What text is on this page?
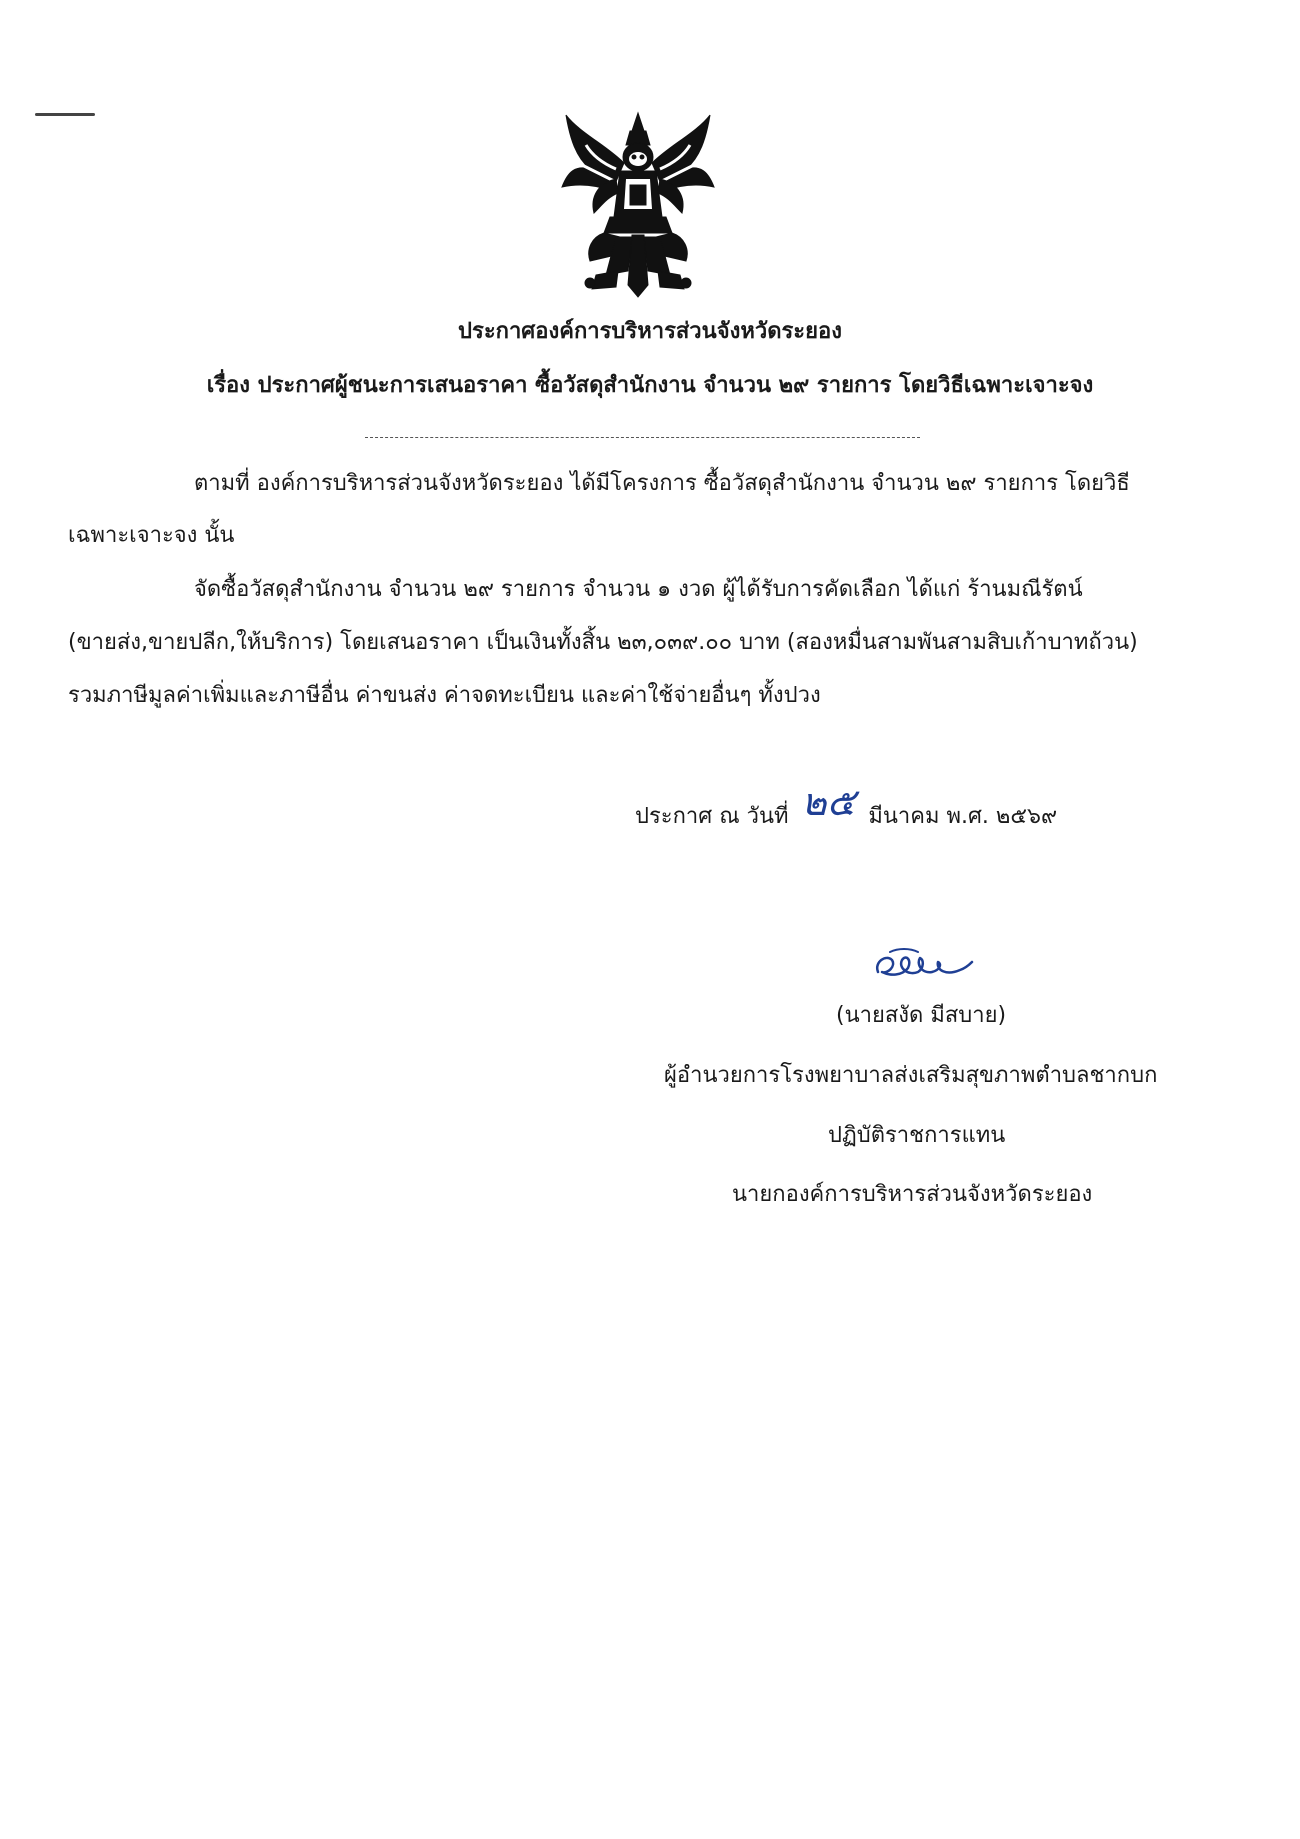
ประกาศองค์การบริหารส่วนจังหวัดระยอง
เรื่อง ประกาศผู้ชนะการเสนอราคา ซื้อวัสดุสำนักงาน จำนวน ๒๙ รายการ โดยวิธีเฉพาะเจาะจง
ตามที่ องค์การบริหารส่วนจังหวัดระยอง ได้มีโครงการ ซื้อวัสดุสำนักงาน จำนวน ๒๙ รายการ โดยวิธี
เฉพาะเจาะจง นั้น
จัดซื้อวัสดุสำนักงาน จำนวน ๒๙ รายการ จำนวน ๑ งวด ผู้ได้รับการคัดเลือก ได้แก่ ร้านมณีรัตน์
(ขายส่ง,ขายปลีก,ให้บริการ) โดยเสนอราคา เป็นเงินทั้งสิ้น ๒๓,๐๓๙.๐๐ บาท (สองหมื่นสามพันสามสิบเก้าบาทถ้วน)
รวมภาษีมูลค่าเพิ่มและภาษีอื่น ค่าขนส่ง ค่าจดทะเบียน และค่าใช้จ่ายอื่นๆ ทั้งปวง
ประกาศ ณ วันที่ ๒๕ มีนาคม พ.ศ. ๒๕๖๙
(นายสงัด มีสบาย)
ผู้อำนวยการโรงพยาบาลส่งเสริมสุขภาพตำบลชากบก
ปฏิบัติราชการแทน
นายกองค์การบริหารส่วนจังหวัดระยอง
